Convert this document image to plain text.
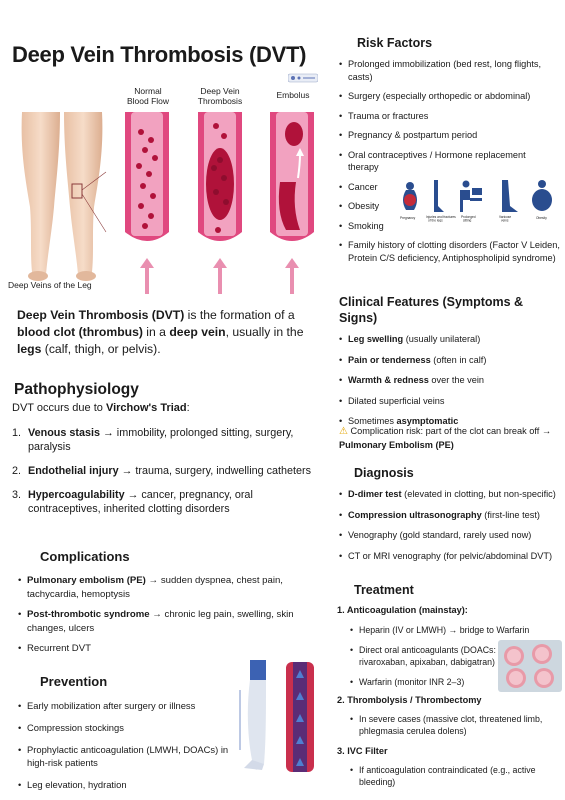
Deep Vein Thrombosis (DVT)
Normal
Blood Flow
Deep Vein
Thrombosis
Embolus
Deep Veins of the Leg

Deep Vein Thrombosis (DVT) is the formation of a blood clot (thrombus) in a deep vein, usually in the legs (calf, thigh, or pelvis).

Pathophysiology
DVT occurs due to Virchow's Triad:
1. Venous stasis → immobility, prolonged sitting, surgery, paralysis
2. Endothelial injury → trauma, surgery, indwelling catheters
3. Hypercoagulability → cancer, pregnancy, oral contraceptives, inherited clotting disorders
Complications
• Pulmonary embolism (PE) → sudden dyspnea, chest pain, tachycardia, hemoptysis
• Post-thrombotic syndrome → chronic leg pain, swelling, skin changes, ulcers
• Recurrent DVT
Prevention
• Early mobilization after surgery or illness
• Compression stockings
• Prophylactic anticoagulation (LMWH, DOACs) in high-risk patients
• Leg elevation, hydration
Risk Factors
• Prolonged immobilization (bed rest, long flights, casts)
• Surgery (especially orthopedic or abdominal)
• Trauma or fractures
• Pregnancy & postpartum period
• Oral contraceptives / Hormone replacement therapy
• Cancer
• Obesity
• Smoking
• Family history of clotting disorders (Factor V Leiden, Protein C/S deficiency, Antiphospholipid syndrome)
Pregnancy	Injuries and fractures
of the legs
Prolonged
sitting
Varicose
veins
Obesity
Clinical Features (Symptoms & Signs)
• Leg swelling (usually unilateral)
• Pain or tenderness (often in calf)
• Warmth & redness over the vein
• Dilated superficial veins
• Sometimes asymptomatic
⚠ Complication risk: part of the clot can break off → Pulmonary Embolism (PE)
Diagnosis
• D-dimer test (elevated in clotting, but non-specific)
• Compression ultrasonography (first-line test)
• Venography (gold standard, rarely used now)
• CT or MRI venography (for pelvic/abdominal DVT)
Treatment
1. Anticoagulation (mainstay):
• Heparin (IV or LMWH) → bridge to Warfarin
• Direct oral anticoagulants (DOACs: rivaroxaban, apixaban, dabigatran)
• Warfarin (monitor INR 2–3)
2. Thrombolysis / Thrombectomy
• In severe cases (massive clot, threatened limb, phlegmasia cerulea dolens)
3. IVC Filter
• If anticoagulation contraindicated (e.g., active bleeding)
